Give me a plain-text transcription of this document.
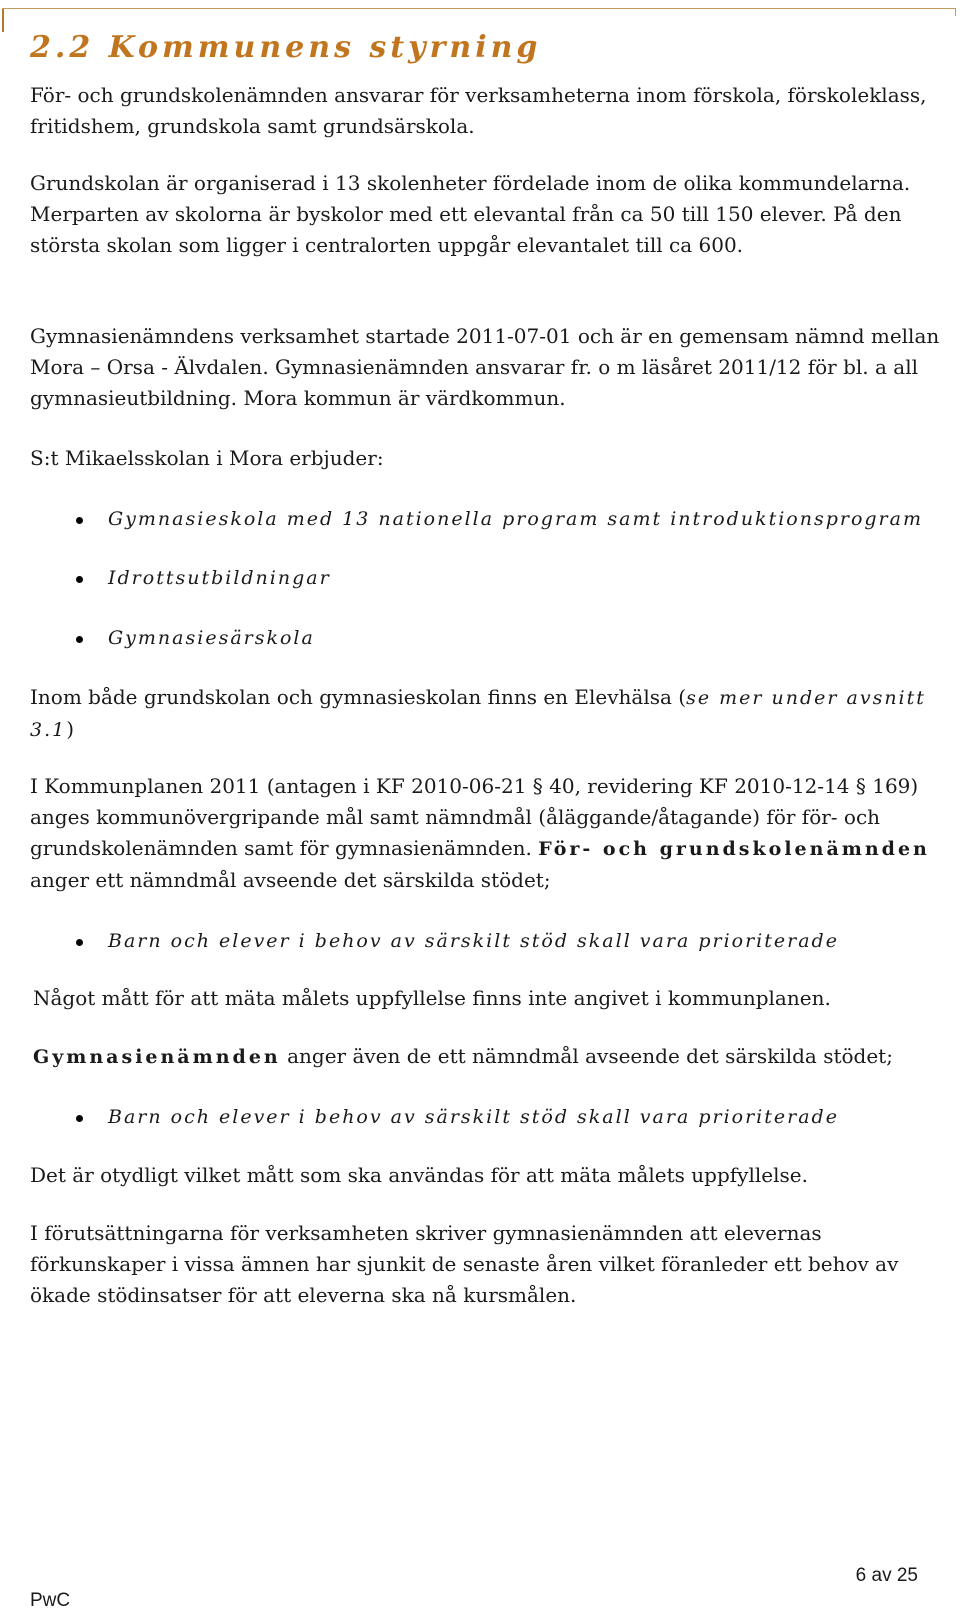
2.2 Kommunens styrning

För- och grundskolenämnden ansvarar för verksamheterna inom förskola, förskoleklass, fritidshem, grundskola samt grundsärskola.

Grundskolan är organiserad i 13 skolenheter fördelade inom de olika kommundelarna. Merparten av skolorna är byskolor med ett elevantal från ca 50 till 150 elever. På den största skolan som ligger i centralorten uppgår elevantalet till ca 600.

Gymnasienämndens verksamhet startade 2011-07-01 och är en gemensam nämnd mellan Mora – Orsa - Älvdalen. Gymnasienämnden ansvarar fr. o m läsåret 2011/12 för bl. a all gymnasieutbildning. Mora kommun är värdkommun.

S:t Mikaelsskolan i Mora erbjuder:

Gymnasieskola med 13 nationella program samt introduktionsprogram
Idrottsutbildningar
Gymnasiesärskola

Inom både grundskolan och gymnasieskolan finns en Elevhälsa (se mer under avsnitt 3.1)

I Kommunplanen 2011 (antagen i KF 2010-06-21 § 40, revidering KF 2010-12-14 § 169) anges kommunövergripande mål samt nämndmål (åläggande/åtagande) för för- och grundskolenämnden samt för gymnasienämnden. För- och grundskolenämnden anger ett nämndmål avseende det särskilda stödet;

Barn och elever i behov av särskilt stöd skall vara prioriterade

Något mått för att mäta målets uppfyllelse finns inte angivet i kommunplanen.

Gymnasienämnden anger även de ett nämndmål avseende det särskilda stödet;

Barn och elever i behov av särskilt stöd skall vara prioriterade

Det är otydligt vilket mått som ska användas för att mäta målets uppfyllelse.

I förutsättningarna för verksamheten skriver gymnasienämnden att elevernas förkunskaper i vissa ämnen har sjunkit de senaste åren vilket föranleder ett behov av ökade stödinsatser för att eleverna ska nå kursmålen.

6 av 25
PwC
